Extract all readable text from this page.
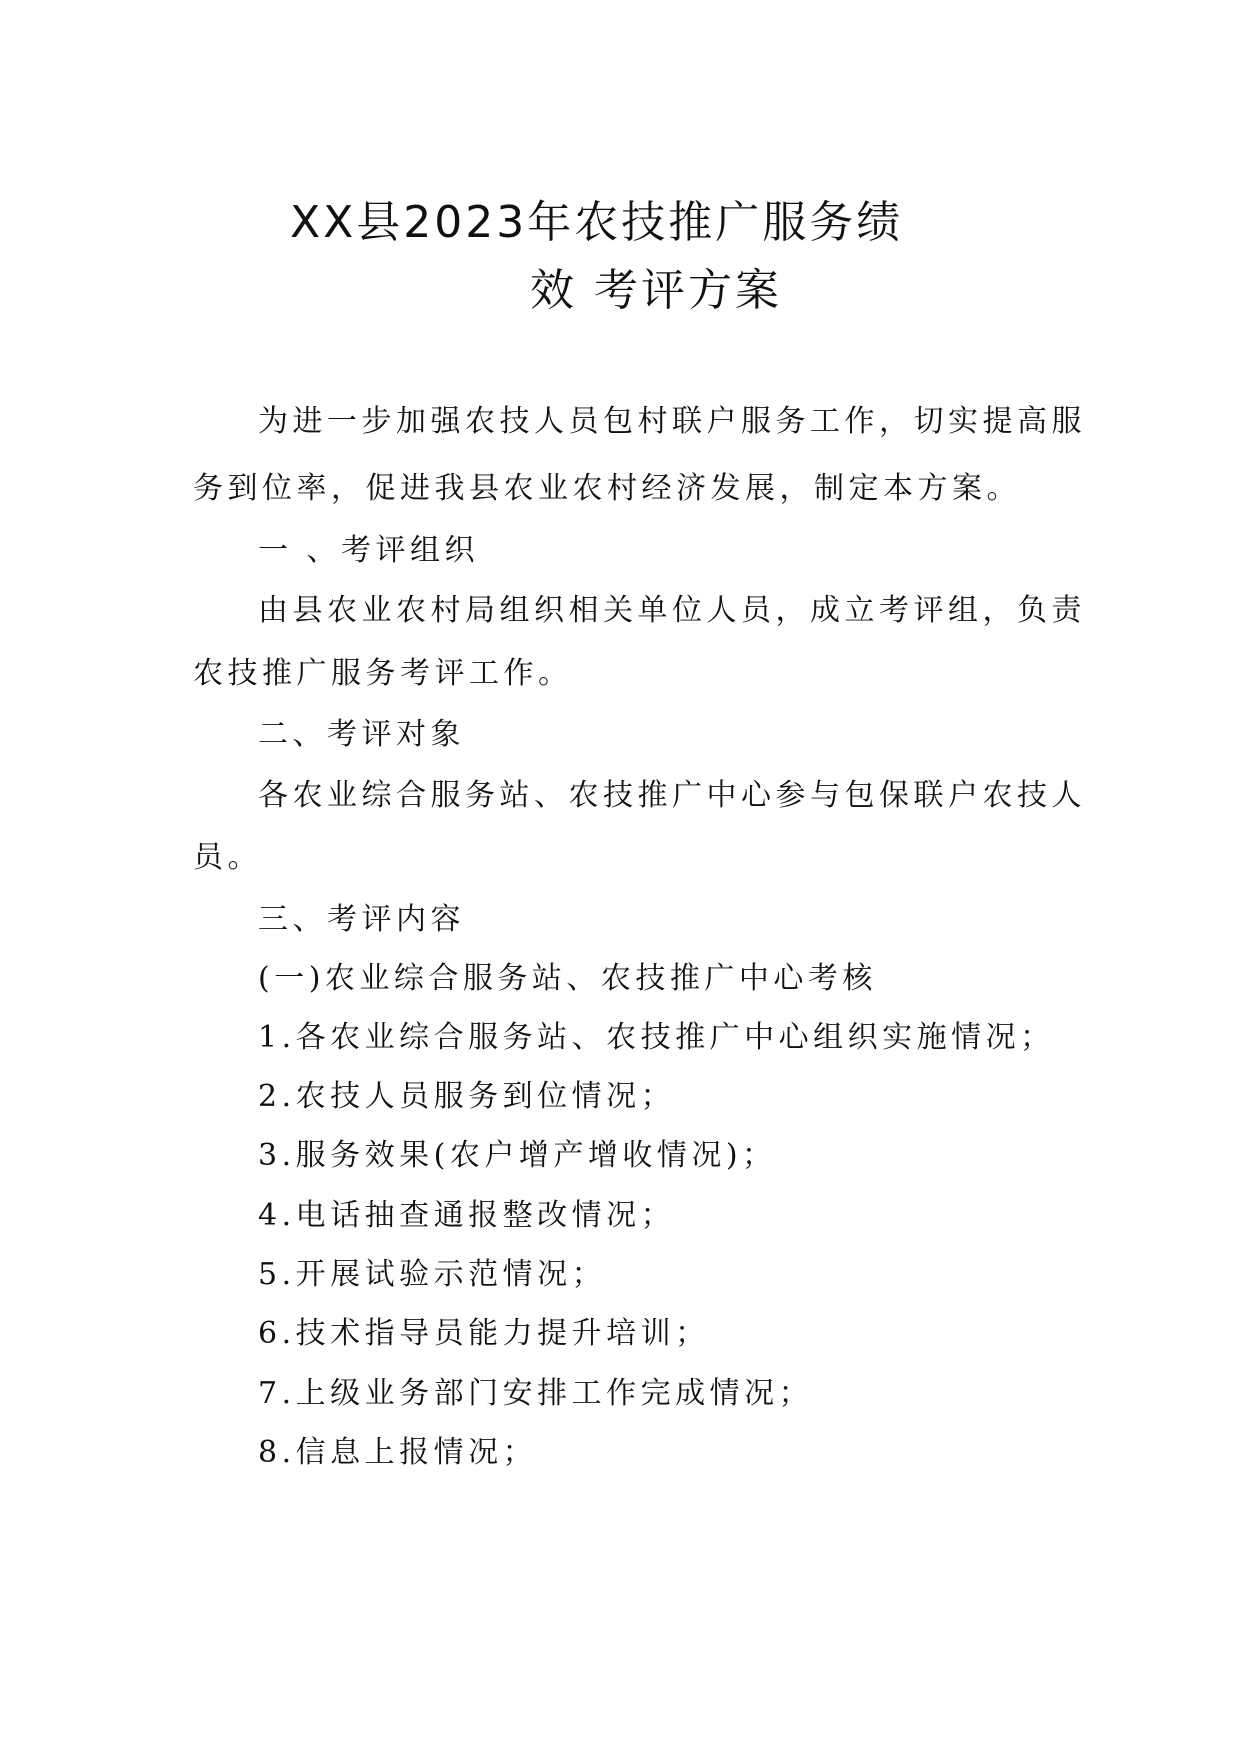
XX县2023年农技推广服务绩
效 考评方案
为进一步加强农技人员包村联户服务工作，切实提高服
务到位率，促进我县农业农村经济发展，制定本方案。
一 、考评组织
由县农业农村局组织相关单位人员，成立考评组，负责
农技推广服务考评工作。
二、考评对象
各农业综合服务站、农技推广中心参与包保联户农技人
员。
三、考评内容
(一)农业综合服务站、农技推广中心考核
1.各农业综合服务站、农技推广中心组织实施情况；
2.农技人员服务到位情况；
3.服务效果(农户增产增收情况)；
4.电话抽查通报整改情况；
5.开展试验示范情况；
6.技术指导员能力提升培训；
7.上级业务部门安排工作完成情况；
8.信息上报情况；
